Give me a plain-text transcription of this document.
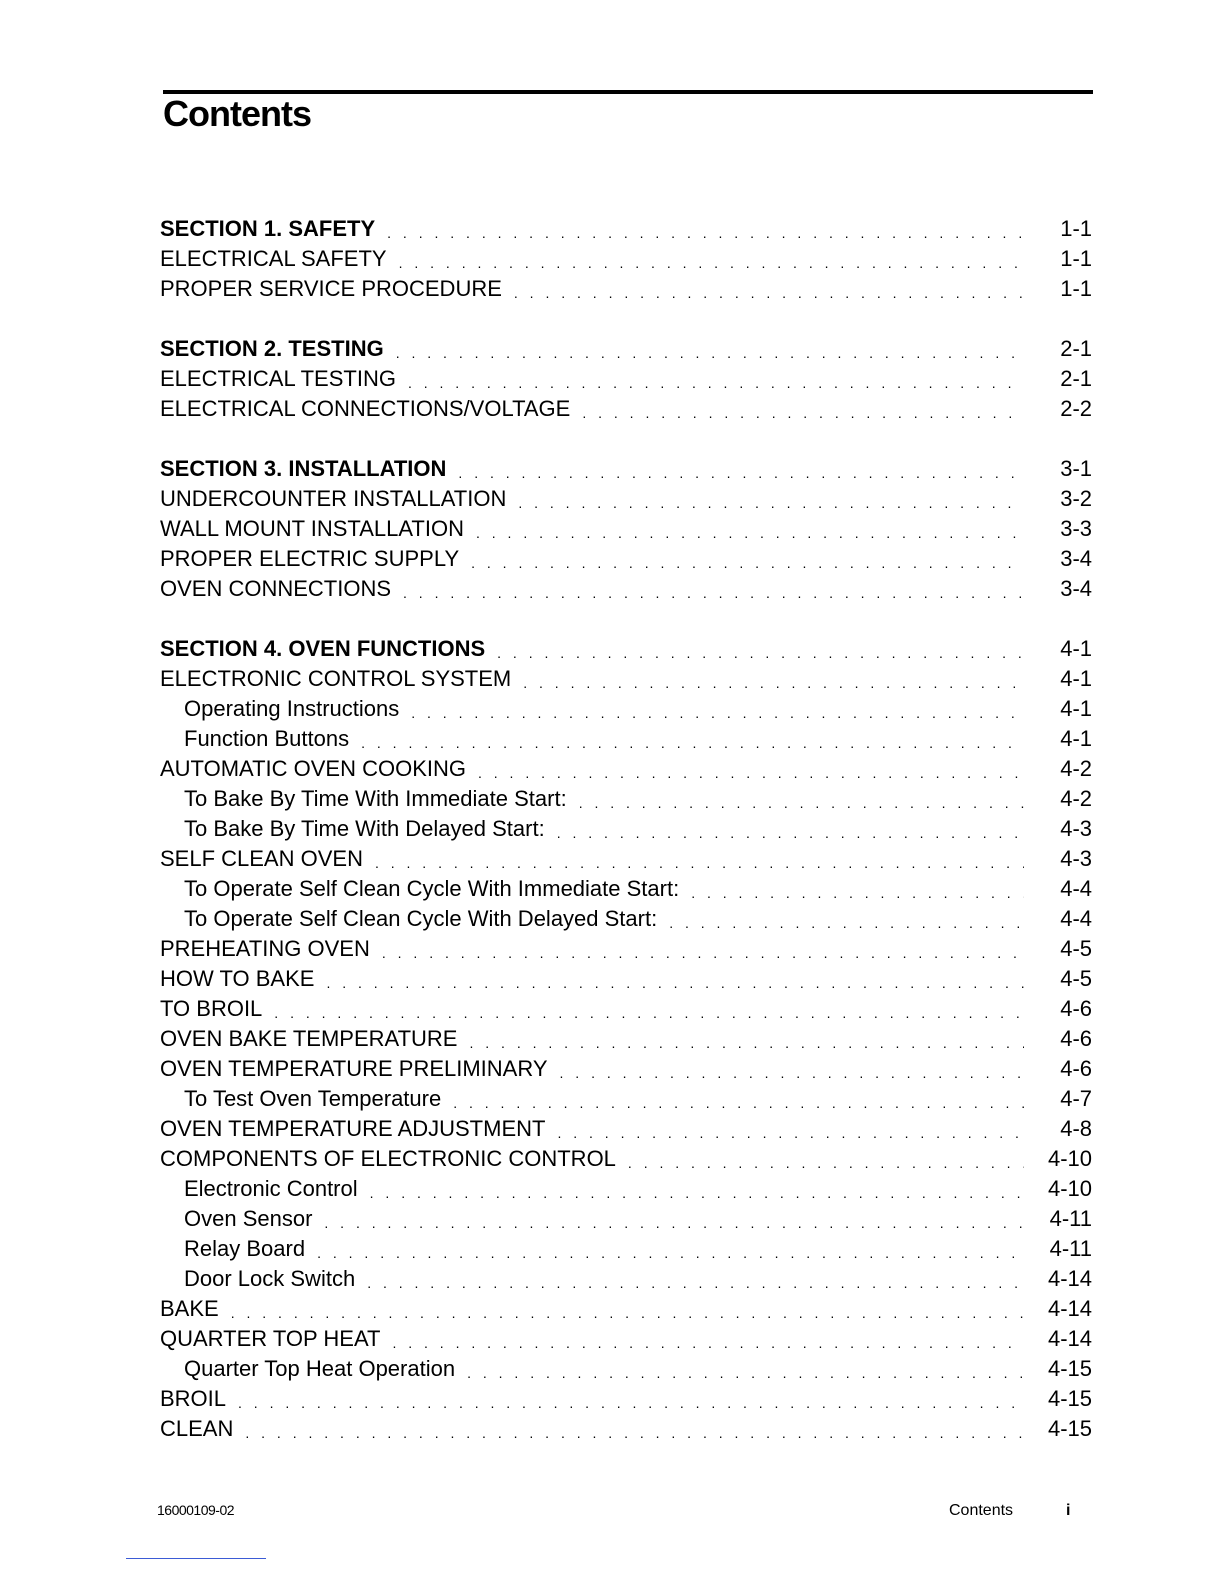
Contents
SECTION 1. SAFETY . . .	1-1
ELECTRICAL SAFETY . . .	1-1
PROPER SERVICE PROCEDURE . . .	1-1
SECTION 2. TESTING . . .	2-1
ELECTRICAL TESTING . . .	2-1
ELECTRICAL CONNECTIONS/VOLTAGE . . .	2-2
SECTION 3. INSTALLATION . . .	3-1
UNDERCOUNTER INSTALLATION . . .	3-2
WALL MOUNT INSTALLATION . . .	3-3
PROPER ELECTRIC SUPPLY . . .	3-4
OVEN CONNECTIONS . . .	3-4
SECTION 4. OVEN FUNCTIONS . . .	4-1
ELECTRONIC CONTROL SYSTEM . . .	4-1
Operating Instructions . . .	4-1
Function Buttons . . .	4-1
AUTOMATIC OVEN COOKING . . .	4-2
To Bake By Time With Immediate Start: . . .	4-2
To Bake By Time With Delayed Start: . . .	4-3
SELF CLEAN OVEN . . .	4-3
To Operate Self Clean Cycle With Immediate Start: . . .	4-4
To Operate Self Clean Cycle With Delayed Start: . . .	4-4
PREHEATING OVEN . . .	4-5
HOW TO BAKE . . .	4-5
TO BROIL . . .	4-6
OVEN BAKE TEMPERATURE . . .	4-6
OVEN TEMPERATURE PRELIMINARY . . .	4-6
To Test Oven Temperature . . .	4-7
OVEN TEMPERATURE ADJUSTMENT . . .	4-8
COMPONENTS OF ELECTRONIC CONTROL . . .	4-10
Electronic Control . . .	4-10
Oven Sensor . . .	4-11
Relay Board . . .	4-11
Door Lock Switch . . .	4-14
BAKE . . .	4-14
QUARTER TOP HEAT . . .	4-14
Quarter Top Heat Operation . . .	4-15
BROIL . . .	4-15
CLEAN . . .	4-15
16000109-02	Contents	i
